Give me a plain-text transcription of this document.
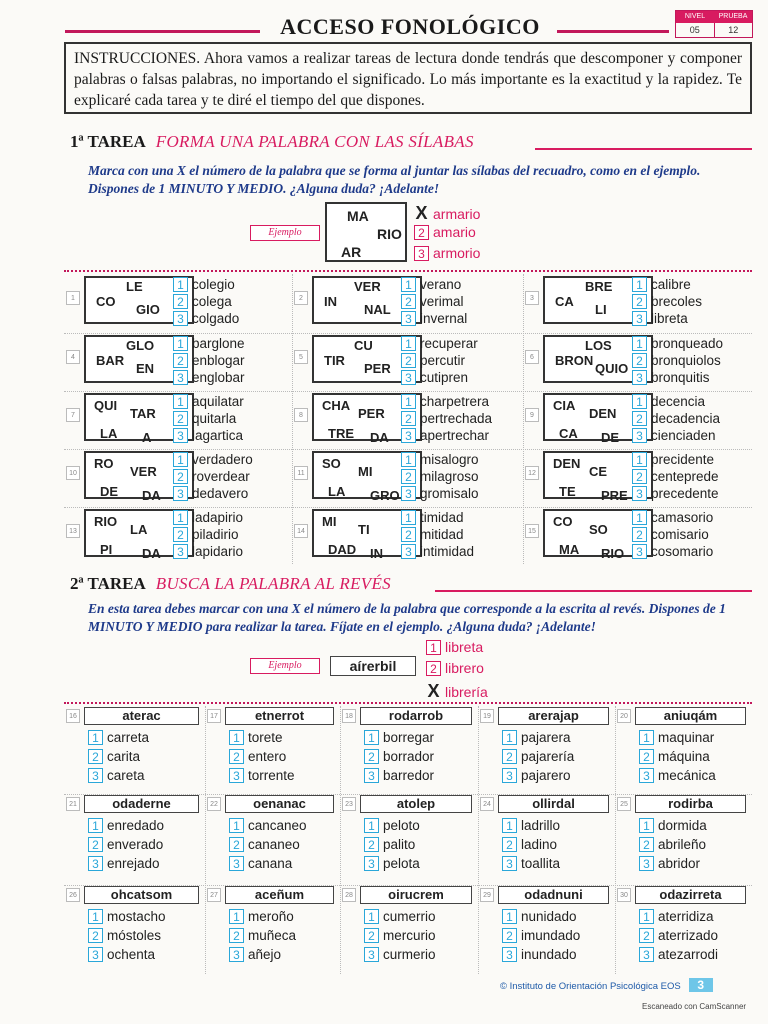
ACCESO FONOLÓGICO	NIVEL	PRUEBA
05	12
INSTRUCCIONES. Ahora vamos a realizar tareas de lectura donde tendrás que descomponer y componer palabras o falsas palabras, no importando el significado. Lo más importante es la exactitud y la rapidez. Te explicaré cada tarea y te diré el tiempo del que dispones.
1ª TAREA FORMA UNA PALABRA CON LAS SÍLABAS
Marca con una X el número de la palabra que se forma al juntar las sílabas del recuadro, como en el ejemplo. Dispones de 1 MINUTO Y MEDIO. ¿Alguna duda? ¡Adelante!
Ejemplo
MA
RIO
AR
X armario
2 amario
3 armorio
1
LE
CO
GIO
1 colegio
2 colega
3 colgado
2
VER
IN
NAL
1 verano
2 verimal
3 invernal
3
BRE
CA
LI
1 calibre
2 brecoles
3 libreta
4
GLO
BAR
EN
1 barglone
2 enblogar
3 englobar
5
CU
TIR
PER
1 recuperar
2 percutir
3 cutipren
6
LOS
BRON
QUIO
1 bronqueado
2 bronquiolos
3 bronquitis
7
QUI
TAR
LA A
1 aquilatar
2 quitarla
3 lagartica
8
CHA
PER
TRE DA
1 charpetrera
2 pertrechada
3 apertrechar
9
CIA
DEN
CA DE
1 decencia
2 decadencia
3 cienciaden
10
RO
VER
DE DA
1 verdadero
2 roverdear
3 dedavero
11
SO
MI
LA GRO
1 misalogro
2 milagroso
3 gromisalo
12
DEN
CE
TE PRE
1 precidente
2 centeprede
3 precedente
13
RIO
LA
PI DA
1 ladapirio
2 piladirio
3 lapidario
14
MI
TI
DAD IN
1 timidad
2 mitidad
3 intimidad
15
CO
SO
MA RIO
1 camasorio
2 comisario
3 cosomario
2ª TAREA BUSCA LA PALABRA AL REVÉS
En esta tarea debes marcar con una X el número de la palabra que corresponde a la escrita al revés. Dispones de 1 MINUTO Y MEDIO para realizar la tarea. Fíjate en el ejemplo. ¿Alguna duda? ¡Adelante!
Ejemplo	aírerbil
1 libreta
2 librero
X librería
16	aterac
1 carreta
2 carita
3 careta
17	etnerrot
1 torete
2 entero
3 torrente
18	rodarrob
1 borregar
2 borrador
3 barredor
19	arerajap
1 pajarera
2 pajarería
3 pajarero
20	aniuqám
1 maquinar
2 máquina
3 mecánica
21	odaderne
1 enredado
2 enverado
3 enrejado
22	oenanac
1 cancaneo
2 cananeo
3 canana
23	atolep
1 peloto
2 palito
3 pelota
24	ollirdal
1 ladrillo
2 ladino
3 toallita
25	rodirba
1 dormida
2 abrileño
3 abridor
26	ohcatsom
1 mostacho
2 móstoles
3 ochenta
27	aceñum
1 meroño
2 muñeca
3 añejo
28	oirucrem
1 cumerrio
2 mercurio
3 curmerio
29	odadnuni
1 nunidado
2 imundado
3 inundado
30	odazirreta
1 aterridiza
2 aterrizado
3 atezarrodi
© Instituto de Orientación Psicológica EOS 3
Escaneado con CamScanner
